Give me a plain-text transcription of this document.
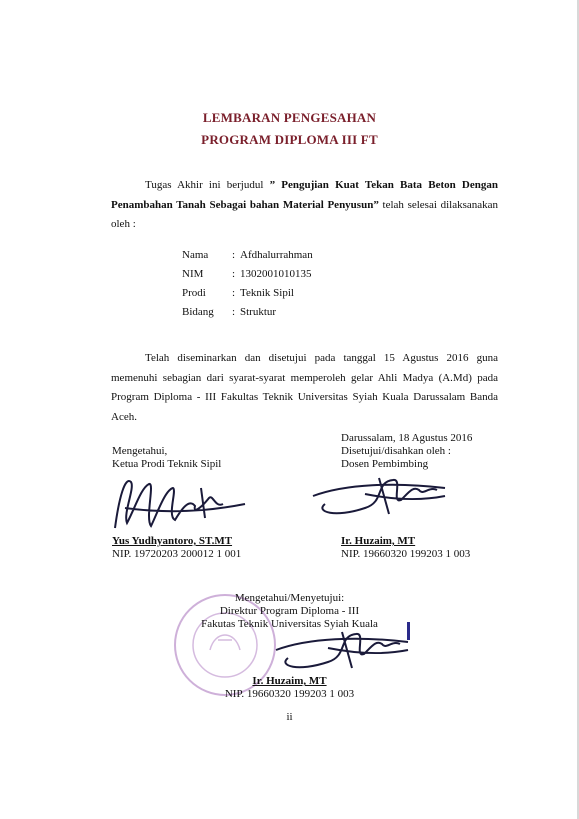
LEMBARAN PENGESAHAN
PROGRAM DIPLOMA III FT
Tugas Akhir ini berjudul ” Pengujian Kuat Tekan Bata Beton Dengan Penambahan Tanah Sebagai bahan Material Penyusun” telah selesai dilaksanakan oleh :
Nama	: Afdhalurrahman
NIM	: 1302001010135
Prodi	: Teknik Sipil
Bidang	: Struktur
Telah diseminarkan dan disetujui pada tanggal 15 Agustus 2016 guna memenuhi sebagian dari syarat-syarat memperoleh gelar Ahli Madya (A.Md) pada Program Diploma - III Fakultas Teknik Universitas Syiah Kuala Darussalam Banda Aceh.
Mengetahui,
Ketua Prodi Teknik Sipil
Yus Yudhyantoro, ST.MT
NIP. 19720203 200012 1 001
Darussalam, 18 Agustus 2016
Disetujui/disahkan oleh :
Dosen Pembimbing
Ir. Huzaim, MT
NIP. 19660320 199203 1 003
Mengetahui/Menyetujui:
Direktur Program Diploma - III
Fakutas Teknik Universitas Syiah Kuala
Ir. Huzaim, MT
NIP. 19660320 199203 1 003
ii
